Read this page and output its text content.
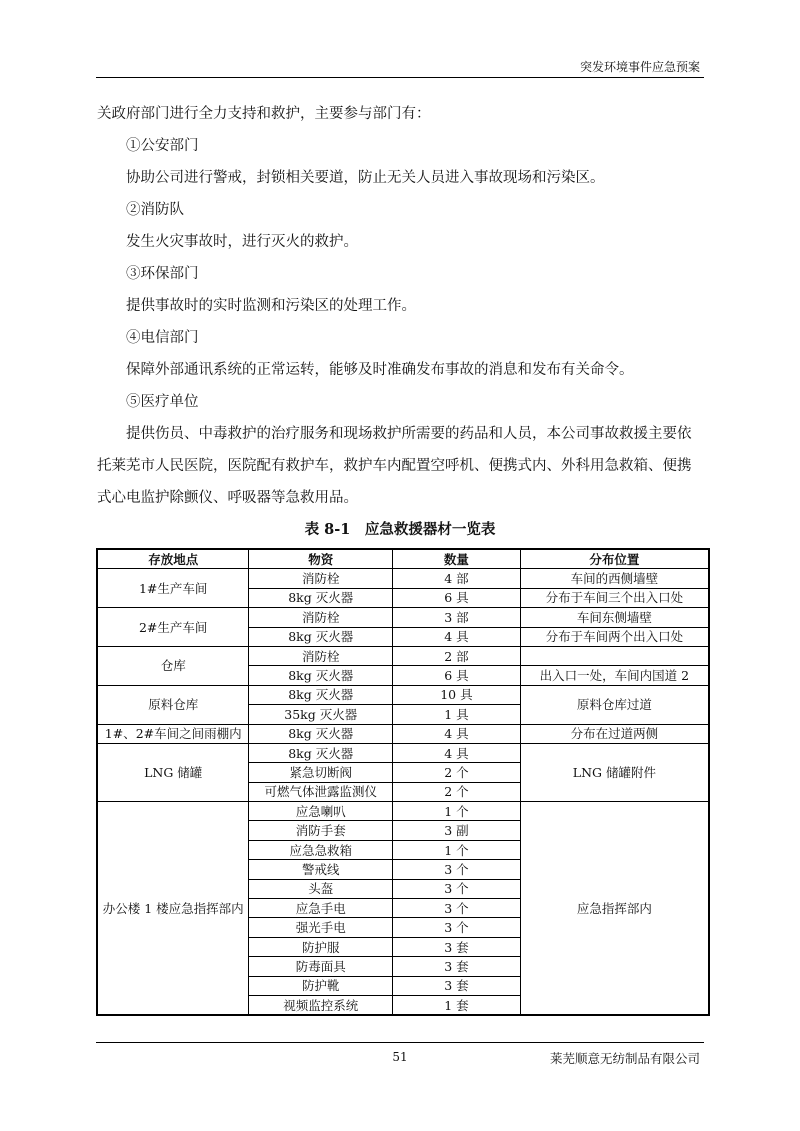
突发环境事件应急预案

关政府部门进行全力支持和救护，主要参与部门有：

①公安部门

协助公司进行警戒，封锁相关要道，防止无关人员进入事故现场和污染区。

②消防队

发生火灾事故时，进行灭火的救护。

③环保部门

提供事故时的实时监测和污染区的处理工作。

④电信部门

保障外部通讯系统的正常运转，能够及时准确发布事故的消息和发布有关命令。

⑤医疗单位

提供伤员、中毒救护的治疗服务和现场救护所需要的药品和人员，本公司事故救援主要依托莱芜市人民医院，医院配有救护车，救护车内配置空呼机、便携式内、外科用急救箱、便携式心电监护除颤仪、呼吸器等急救用品。

表 8-1　应急救援器材一览表
存放地点	物资	数量	分布位置
1#生产车间	消防栓	4 部	车间的西侧墙壁
	8kg 灭火器	6 具	分布于车间三个出入口处
2#生产车间	消防栓	3 部	车间东侧墙壁
	8kg 灭火器	4 具	分布于车间两个出入口处
仓库	消防栓	2 部	
	8kg 灭火器	6 具	出入口一处，车间内国道 2
原料仓库	8kg 灭火器	10 具	原料仓库过道
	35kg 灭火器	1 具	
1#、2#车间之间雨棚内	8kg 灭火器	4 具	分布在过道两侧
LNG 储罐	8kg 灭火器	4 具	LNG 储罐附件
	紧急切断阀	2 个	
	可燃气体泄露监测仪	2 个	
办公楼 1 楼应急指挥部内	应急喇叭	1 个	应急指挥部内
	消防手套	3 副	
	应急急救箱	1 个	
	警戒线	3 个	
	头盔	3 个	
	应急手电	3 个	
	强光手电	3 个	
	防护服	3 套	
	防毒面具	3 套	
	防护靴	3 套	
	视频监控系统	1 套	
51	莱芜顺意无纺制品有限公司
